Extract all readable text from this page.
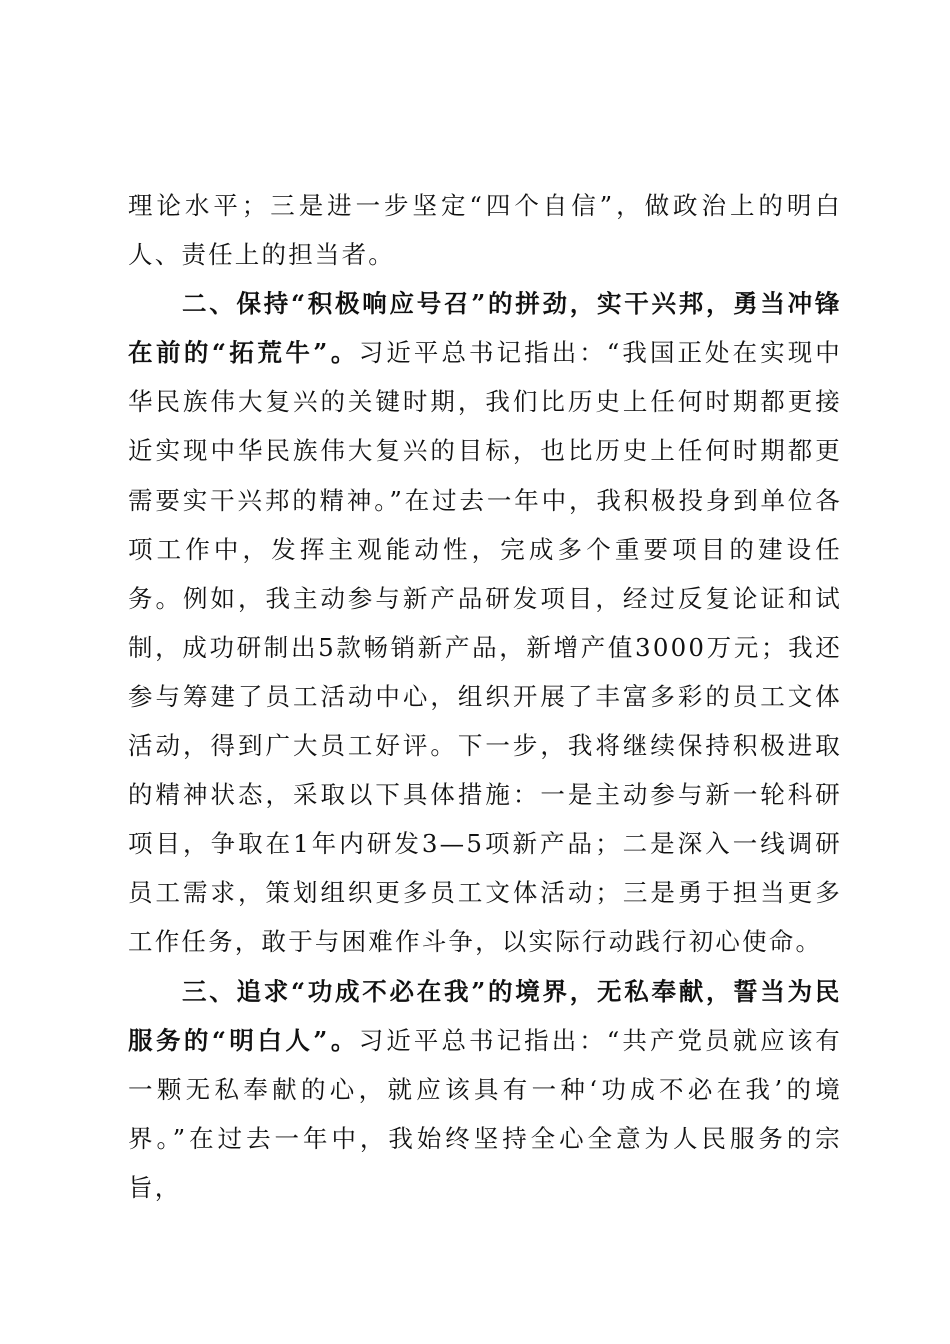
理论水平；三是进一步坚定“四个自信”，做政治上的明白人、责任上的担当者。

二、保持“积极响应号召”的拼劲，实干兴邦，勇当冲锋在前的“拓荒牛”。习近平总书记指出：“我国正处在实现中华民族伟大复兴的关键时期，我们比历史上任何时期都更接近实现中华民族伟大复兴的目标，也比历史上任何时期都更需要实干兴邦的精神。”在过去一年中，我积极投身到单位各项工作中，发挥主观能动性，完成多个重要项目的建设任务。例如，我主动参与新产品研发项目，经过反复论证和试制，成功研制出5款畅销新产品，新增产值3000万元；我还参与筹建了员工活动中心，组织开展了丰富多彩的员工文体活动，得到广大员工好评。下一步，我将继续保持积极进取的精神状态，采取以下具体措施：一是主动参与新一轮科研项目，争取在1年内研发3—5项新产品；二是深入一线调研员工需求，策划组织更多员工文体活动；三是勇于担当更多工作任务，敢于与困难作斗争，以实际行动践行初心使命。

三、追求“功成不必在我”的境界，无私奉献，誓当为民服务的“明白人”。习近平总书记指出：“共产党员就应该有一颗无私奉献的心，就应该具有一种‘功成不必在我’的境界。”在过去一年中，我始终坚持全心全意为人民服务的宗旨，
